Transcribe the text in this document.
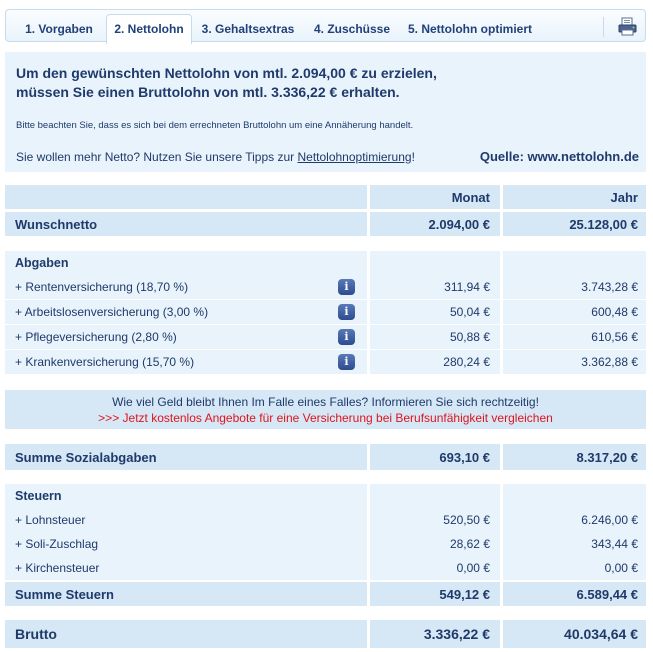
1. Vorgaben	2. Nettolohn	3. Gehaltsextras	4. Zuschüsse	5. Nettolohn optimiert
Um den gewünschten Nettolohn von mtl. 2.094,00 € zu erzielen,
müssen Sie einen Bruttolohn von mtl. 3.336,22 € erhalten.
Bitte beachten Sie, dass es sich bei dem errechneten Bruttolohn um eine Annäherung handelt.
Sie wollen mehr Netto? Nutzen Sie unsere Tipps zur Nettolohnoptimierung!	Quelle: www.nettolohn.de
Monat	Jahr
Wunschnetto	2.094,00 €	25.128,00 €
Abgaben
+ Rentenversicherung (18,70 %)	i	311,94 €	3.743,28 €
+ Arbeitslosenversicherung (3,00 %)	i	50,04 €	600,48 €
+ Pflegeversicherung (2,80 %)	i	50,88 €	610,56 €
+ Krankenversicherung (15,70 %)	i	280,24 €	3.362,88 €
Wie viel Geld bleibt Ihnen Im Falle eines Falles? Informieren Sie sich rechtzeitig!
>>> Jetzt kostenlos Angebote für eine Versicherung bei Berufsunfähigkeit vergleichen
Summe Sozialabgaben	693,10 €	8.317,20 €
Steuern
+ Lohnsteuer	520,50 €	6.246,00 €
+ Soli-Zuschlag	28,62 €	343,44 €
+ Kirchensteuer	0,00 €	0,00 €
Summe Steuern	549,12 €	6.589,44 €
Brutto	3.336,22 €	40.034,64 €
